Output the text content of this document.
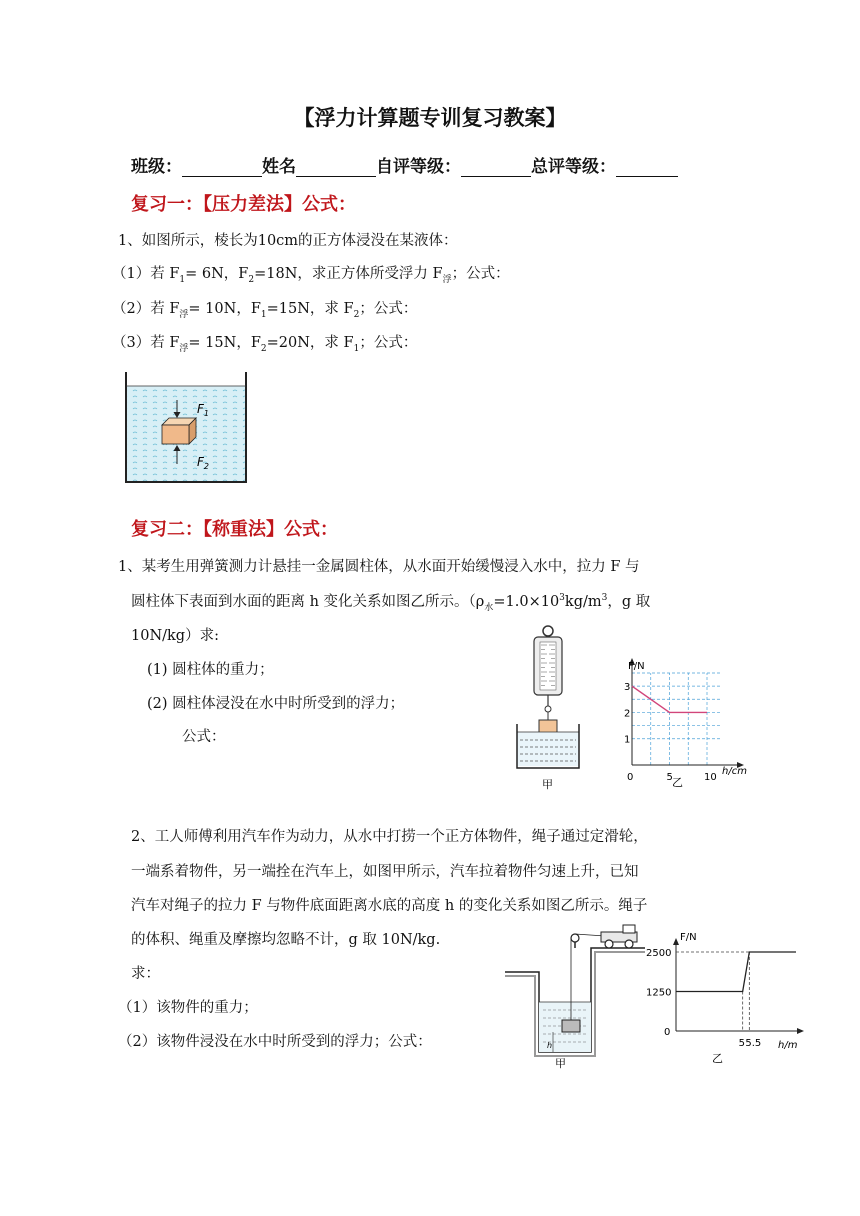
【浮力计算题专训复习教案】
班级：	姓名	自评等级：	总评等级：
复习一：【压力差法】公式：
1、如图所示，棱长为10cm的正方体浸没在某液体：
（1）若 $F_1= 6N$，$F_2=18N$，求正方体所受浮力 $F_浮$；公式：
（2）若 $F_浮= 10N$，$F_1=15N$，求 $F_2$；公式：
（3）若 $F_浮= 15N$，$F_2=20N$，求 $F_1$；公式：
$F_1$
$F_2$
复习二：【称重法】公式：
1、某考生用弹簧测力计悬挂一金属圆柱体，从水面开始缓慢浸入水中，拉力 F 与
圆柱体下表面到水面的距离 h 变化关系如图乙所示。（$\rho_水=1.0\times 10^3kg/m^3$，g 取
10N/kg）求:
(1) 圆柱体的重力；
(2) 圆柱体浸没在水中时所受到的浮力；
公式：
甲
0	5	10
1
2
3
F/N
h/cm
乙
2、工人师傅利用汽车作为动力，从水中打捞一个正方体物件，绳子通过定滑轮，
一端系着物件，另一端拴在汽车上，如图甲所示，汽车拉着物件匀速上升，已知
汽车对绳子的拉力 F 与物件底面距离水底的高度 h 的变化关系如图乙所示。绳子
的体积、绳重及摩擦均忽略不计，g 取 10N/kg.
求：
（1）该物件的重力；
（2）该物件浸没在水中时所受到的浮力；公式：	h
甲
5 5.5
2500
1250
0
F/N
h/m
乙
